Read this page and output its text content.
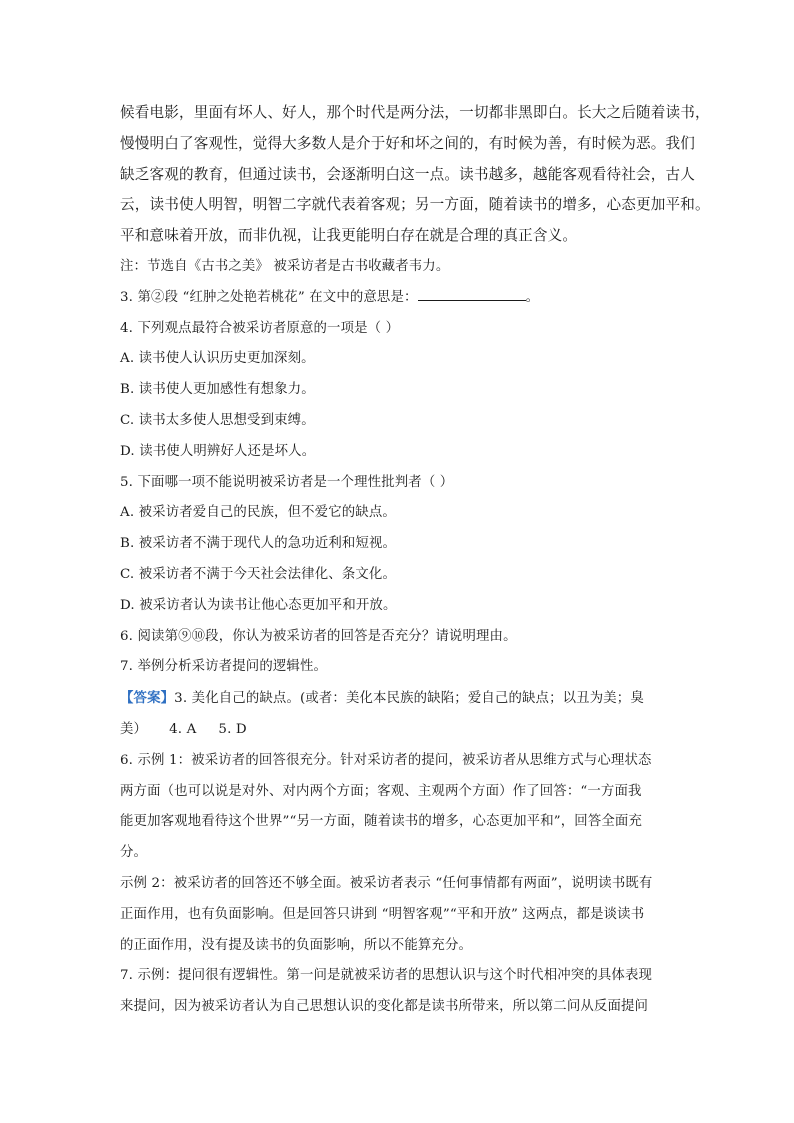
候看电影，里面有坏人、好人，那个时代是两分法，一切都非黑即白。长大之后随着读书，
慢慢明白了客观性，觉得大多数人是介于好和坏之间的，有时候为善，有时候为恶。我们
缺乏客观的教育，但通过读书，会逐渐明白这一点。读书越多，越能客观看待社会，古人
云，读书使人明智，明智二字就代表着客观；另一方面，随着读书的增多，心态更加平和。
平和意味着开放，而非仇视，让我更能明白存在就是合理的真正含义。
注：节选自《古书之美》 被采访者是古书收藏者韦力。
3. 第②段 “红肿之处艳若桃花” 在文中的意思是：	。
4. 下列观点最符合被采访者原意的一项是（ ）
A. 读书使人认识历史更加深刻。
B. 读书使人更加感性有想象力。
C. 读书太多使人思想受到束缚。
D. 读书使人明辨好人还是坏人。
5. 下面哪一项不能说明被采访者是一个理性批判者（ ）
A. 被采访者爱自己的民族，但不爱它的缺点。
B. 被采访者不满于现代人的急功近利和短视。
C. 被采访者不满于今天社会法律化、条文化。
D. 被采访者认为读书让他心态更加平和开放。
6. 阅读第⑨⑩段，你认为被采访者的回答是否充分？请说明理由。
7. 举例分析采访者提问的逻辑性。
【答案】3. 美化自己的缺点。(或者：美化本民族的缺陷；爱自己的缺点；以丑为美；臭
美） 4. A 5. D
6. 示例 1：被采访者的回答很充分。针对采访者的提问，被采访者从思维方式与心理状态
两方面（也可以说是对外、对内两个方面；客观、主观两个方面）作了回答：“一方面我
能更加客观地看待这个世界”“另一方面，随着读书的增多，心态更加平和”，回答全面充
分。
示例 2：被采访者的回答还不够全面。被采访者表示 “任何事情都有两面”，说明读书既有
正面作用，也有负面影响。但是回答只讲到 “明智客观”“平和开放” 这两点，都是谈读书
的正面作用，没有提及读书的负面影响，所以不能算充分。
7. 示例：提问很有逻辑性。第一问是就被采访者的思想认识与这个时代相冲突的具体表现
来提问，因为被采访者认为自己思想认识的变化都是读书所带来，所以第二问从反面提问
